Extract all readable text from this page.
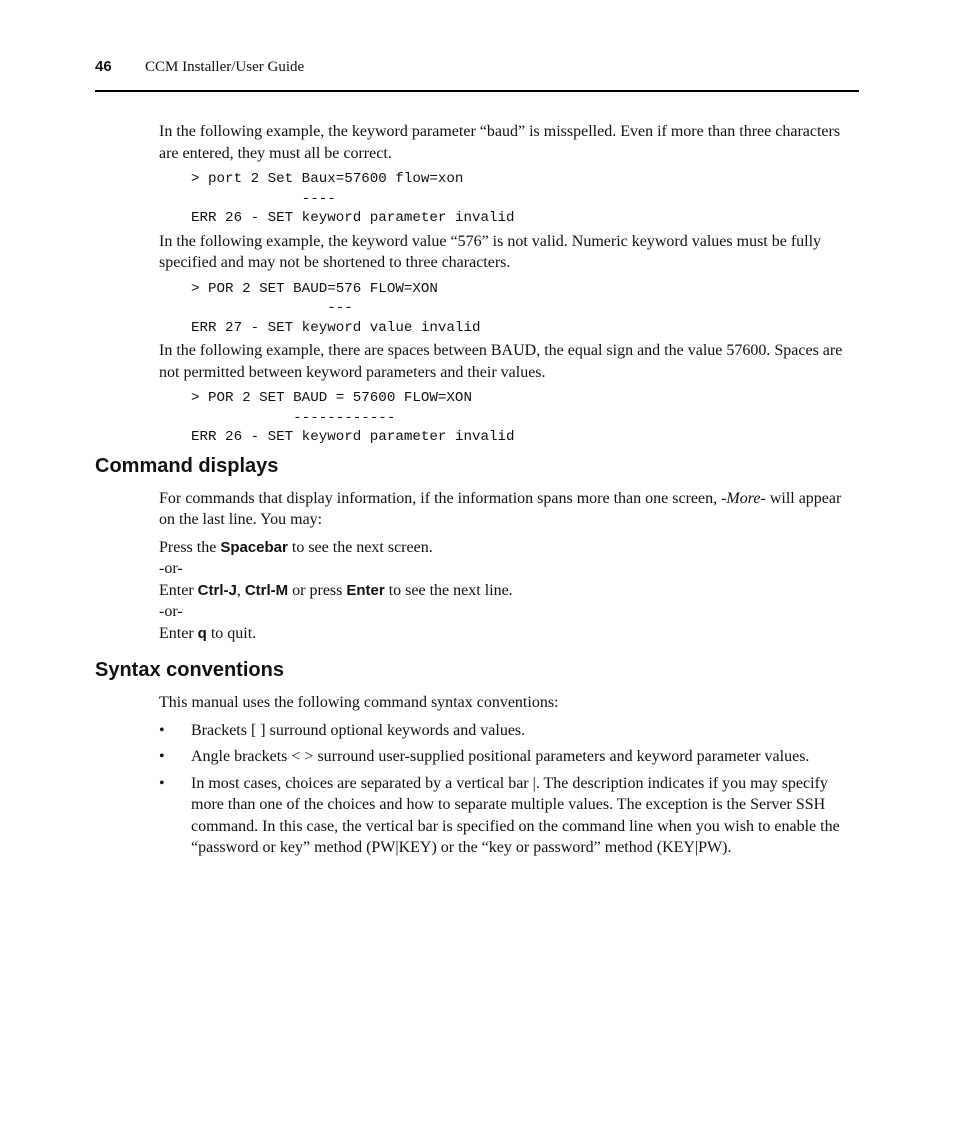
46 CCM Installer/User Guide

In the following example, the keyword parameter “baud” is misspelled. Even if more than three characters are entered, they must all be correct.

> port 2 Set Baux=57600 flow=xon
----
ERR 26 - SET keyword parameter invalid

In the following example, the keyword value “576” is not valid. Numeric keyword values must be fully specified and may not be shortened to three characters.

> POR 2 SET BAUD=576 FLOW=XON
---
ERR 27 - SET keyword value invalid

In the following example, there are spaces between BAUD, the equal sign and the value 57600. Spaces are not permitted between keyword parameters and their values.

> POR 2 SET BAUD = 57600 FLOW=XON
------------
ERR 26 - SET keyword parameter invalid
Command displays

For commands that display information, if the information spans more than one screen, -More- will appear on the last line. You may:

Press the Spacebar to see the next screen.

-or-

Enter Ctrl-J, Ctrl-M or press Enter to see the next line.

-or-

Enter q to quit.

Syntax conventions

This manual uses the following command syntax conventions:

• Brackets [ ] surround optional keywords and values.
• Angle brackets < > surround user-supplied positional parameters and keyword parameter values.
• In most cases, choices are separated by a vertical bar |. The description indicates if you may specify more than one of the choices and how to separate multiple values. The exception is the Server SSH command. In this case, the vertical bar is specified on the command line when you wish to enable the “password or key” method (PW|KEY) or the “key or password” method (KEY|PW).
